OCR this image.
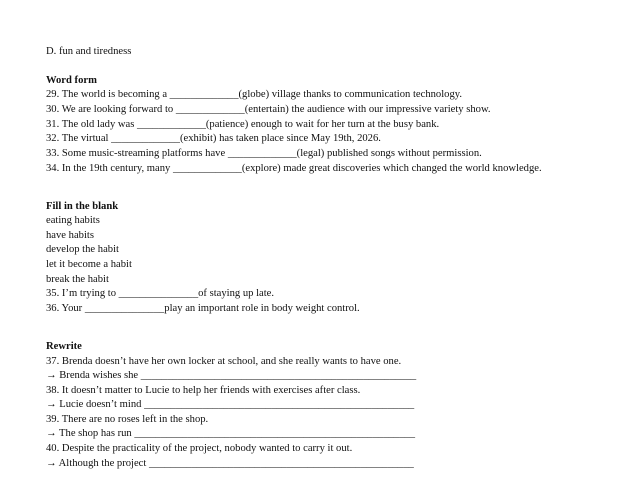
D. fun and tiredness
Word form
29. The world is becoming a _____________(globe) village thanks to communication technology.
30. We are looking forward to _____________(entertain) the audience with our impressive variety show.
31. The old lady was _____________(patience) enough to wait for her turn at the busy bank.
32. The virtual _____________(exhibit) has taken place since May 19th, 2026.
33. Some music-streaming platforms have _____________(legal) published songs without permission.
34. In the 19th century, many _____________(explore) made great discoveries which changed the world knowledge.
Fill in the blank
eating habits
have habits
develop the habit
let it become a habit
break the habit
35. I’m trying to _______________of staying up late.
36. Your _______________play an important role in body weight control.
Rewrite
37. Brenda doesn’t have her own locker at school, and she really wants to have one.
→ Brenda wishes she ____________________________________________________
38. It doesn’t matter to Lucie to help her friends with exercises after class.
→ Lucie doesn’t mind ___________________________________________________
39. There are no roses left in the shop.
→ The shop has run _____________________________________________________
40. Despite the practicality of the project, nobody wanted to carry it out.
→ Although the project __________________________________________________
